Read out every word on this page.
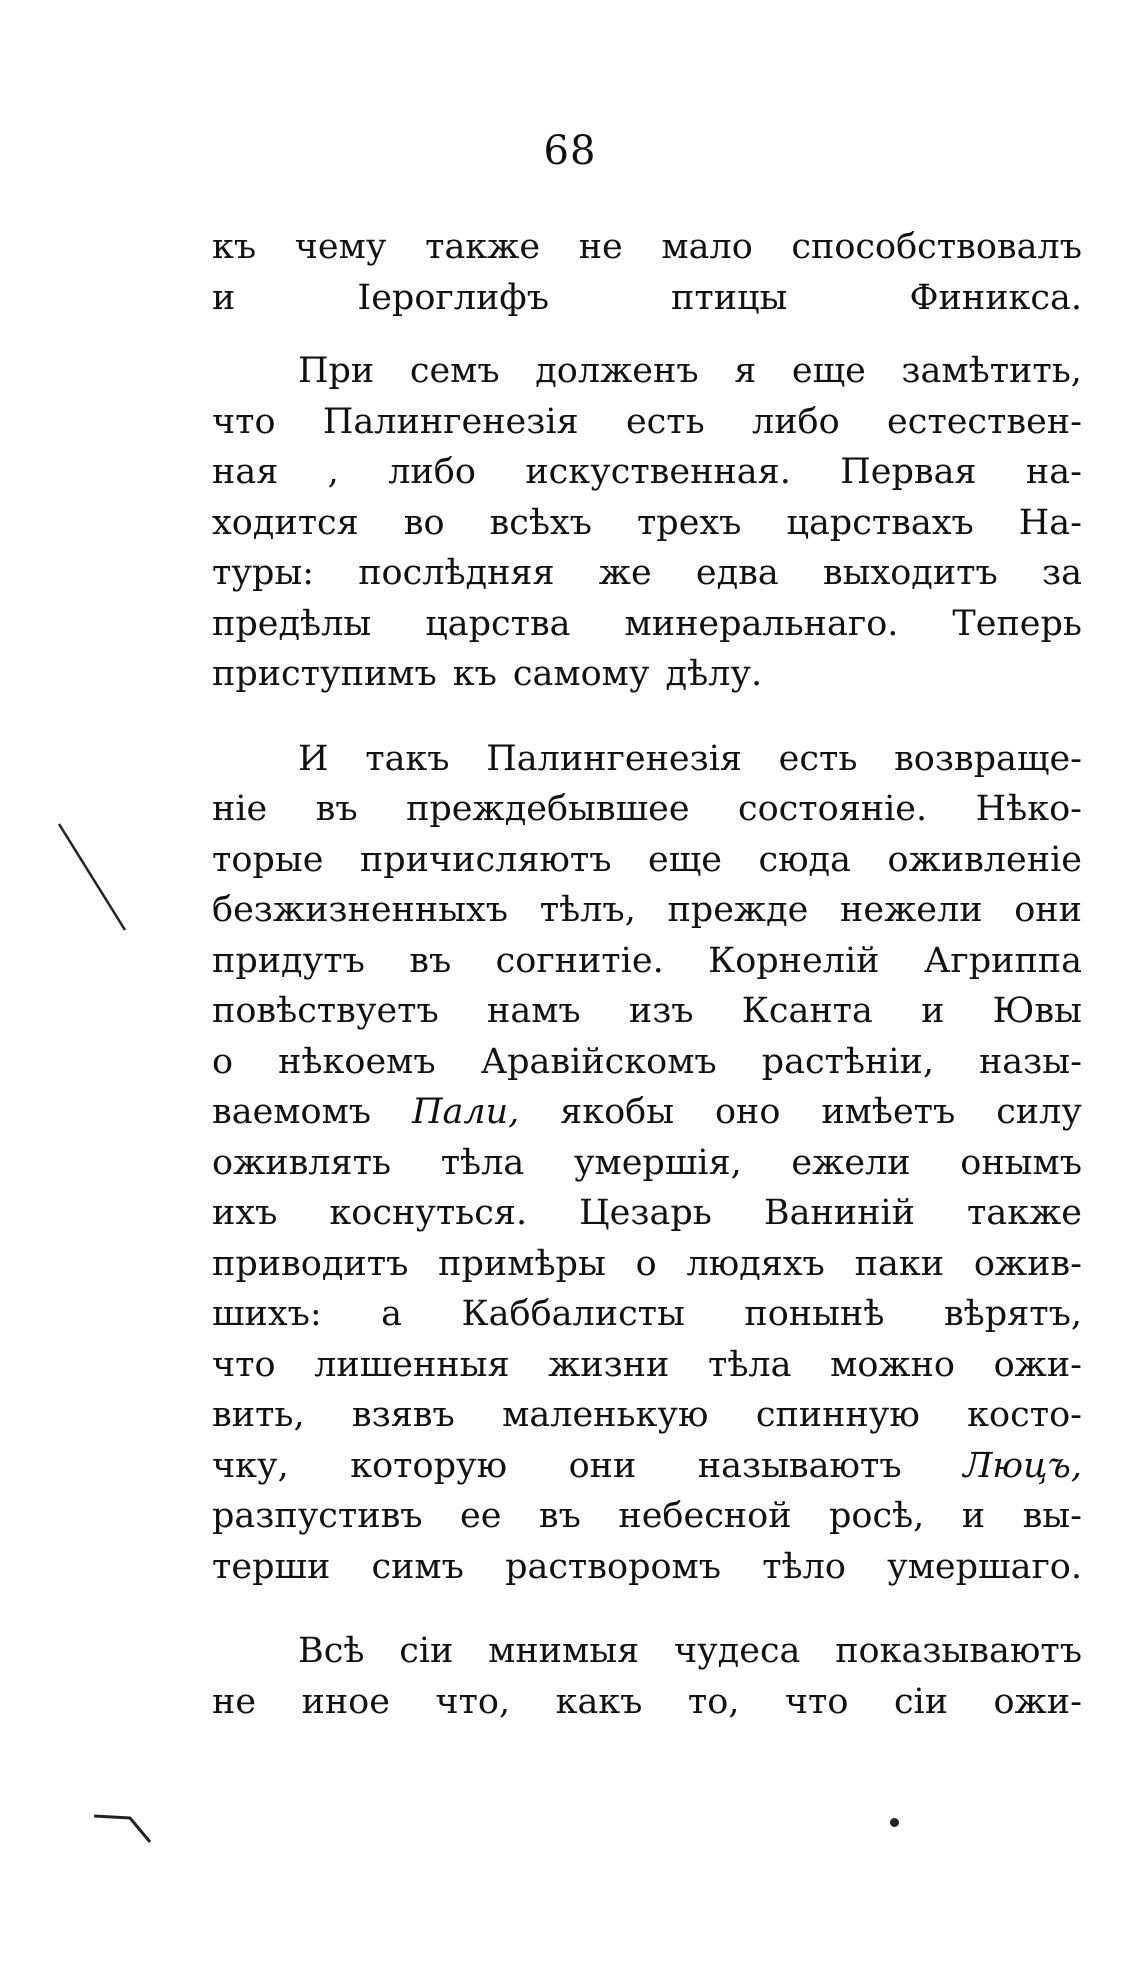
68
къ чему также не мало способствовалъ
и	Іероглифъ	птицы	Финикса.
При семъ долженъ я еще замѣтить,
что Палингенезія есть либо естествен-
ная , либо искуственная. Первая на-
ходится во всѣхъ трехъ царствахъ На-
туры: послѣдняя же едва выходитъ за
предѣлы царства минеральнаго. Теперь
приступимъ къ самому дѣлу.
И такъ Палингенезія есть возвраще-
ніе въ преждебывшее состояніе. Нѣко-
торые причисляютъ еще сюда оживленіе
безжизненныхъ тѣлъ, прежде нежели они
придутъ въ согнитіе. Корнелій Агриппа
повѣствуетъ намъ изъ Ксанта и Ювы
о нѣкоемъ Аравійскомъ растѣніи, назы-
ваемомъ Пали, якобы оно имѣетъ силу
оживлять тѣла умершія, ежели онымъ
ихъ коснуться. Цезарь Ваниній также
приводитъ примѣры о людяхъ паки ожив-
шихъ: а Каббалисты понынѣ вѣрятъ,
что лишенныя жизни тѣла можно ожи-
вить, взявъ маленькую спинную косто-
чку, которую они называютъ Люцъ,
разпустивъ ее въ небесной росѣ, и вы-
терши симъ растворомъ тѣло умершаго.
Всѣ сіи мнимыя чудеса показываютъ
не иное что, какъ то, что сіи ожи-
